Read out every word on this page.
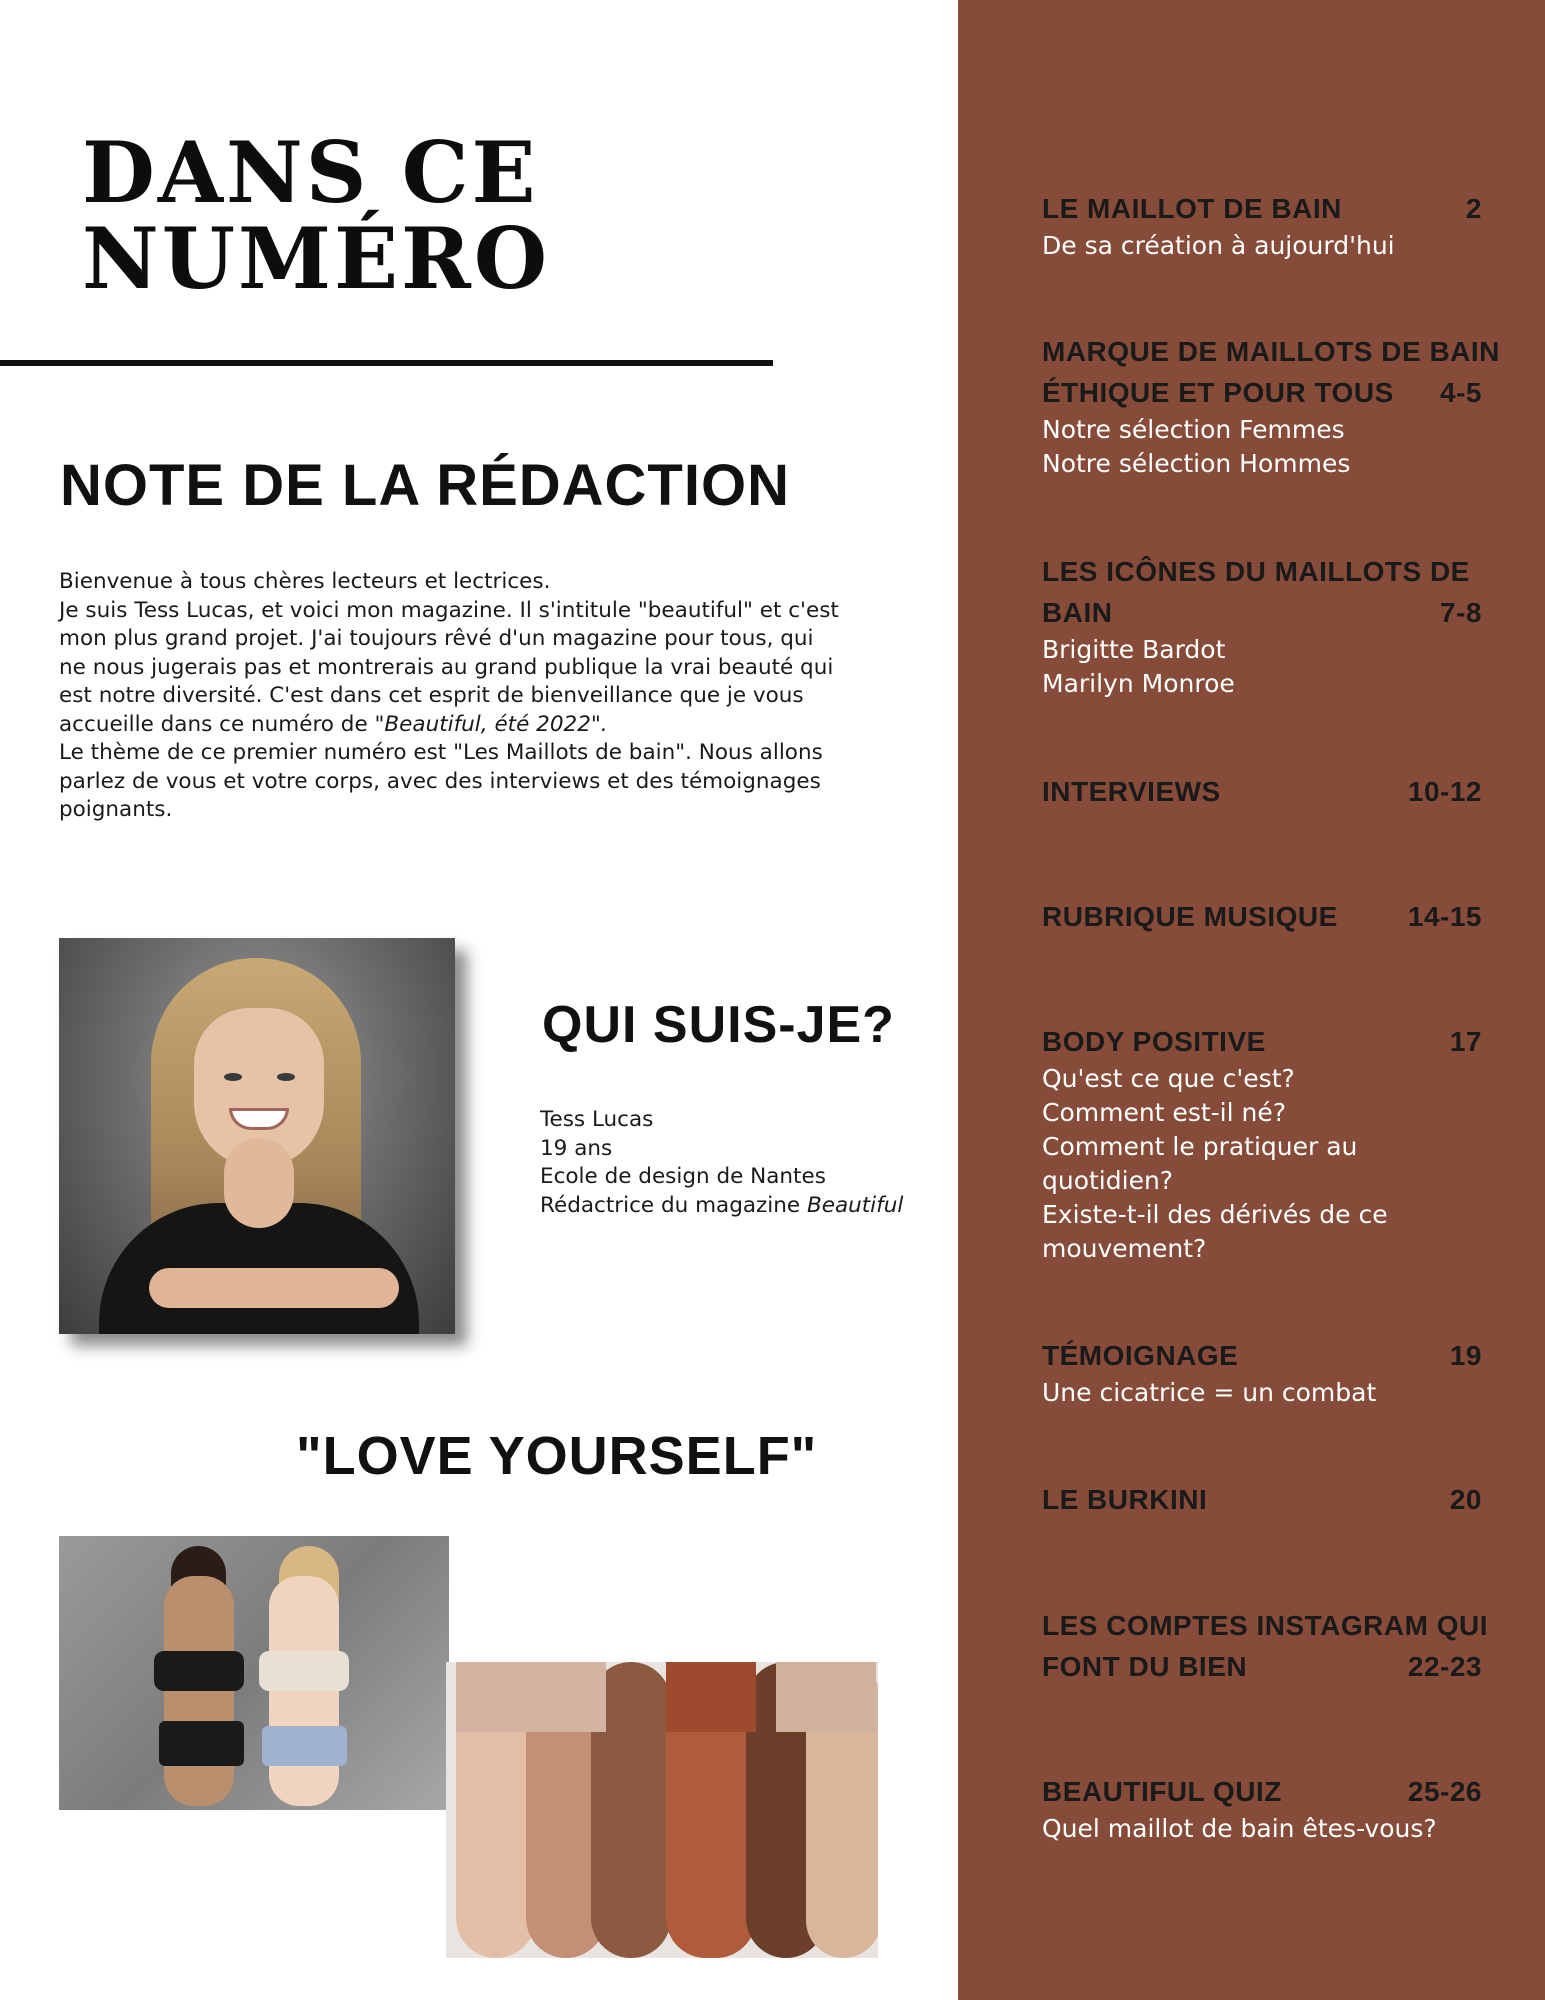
DANS CE
NUMÉRO
NOTE DE LA RÉDACTION

Bienvenue à tous chères lecteurs et lectrices.

Je suis Tess Lucas, et voici mon magazine. Il s'intitule "beautiful" et c'est mon plus grand projet. J'ai toujours rêvé d'un magazine pour tous, qui ne nous jugerais pas et montrerais au grand publique la vrai beauté qui est notre diversité. C'est dans cet esprit de bienveillance que je vous accueille dans ce numéro de "Beautiful, été 2022".

Le thème de ce premier numéro est "Les Maillots de bain". Nous allons parlez de vous et votre corps, avec des interviews et des témoignages poignants.

QUI SUIS-JE?
Tess Lucas
19 ans
Ecole de design de Nantes
Rédactrice du magazine Beautiful
"LOVE YOURSELF"
LE MAILLOT DE BAIN	2
De sa création à aujourd'hui
MARQUE DE MAILLOTS DE BAIN
ÉTHIQUE ET POUR TOUS 4-5
Notre sélection Femmes
Notre sélection Hommes
LES ICÔNES DU MAILLOTS DE
BAIN	7-8
Brigitte Bardot
Marilyn Monroe
INTERVIEWS	10-12
RUBRIQUE MUSIQUE	14-15
BODY POSITIVE	17
Qu'est ce que c'est?
Comment est-il né?
Comment le pratiquer au
quotidien?
Existe-t-il des dérivés de ce
mouvement?
TÉMOIGNAGE	19
Une cicatrice = un combat
LE BURKINI	20
LES COMPTES INSTAGRAM QUI
FONT DU BIEN	22-23
BEAUTIFUL QUIZ	25-26
Quel maillot de bain êtes-vous?
